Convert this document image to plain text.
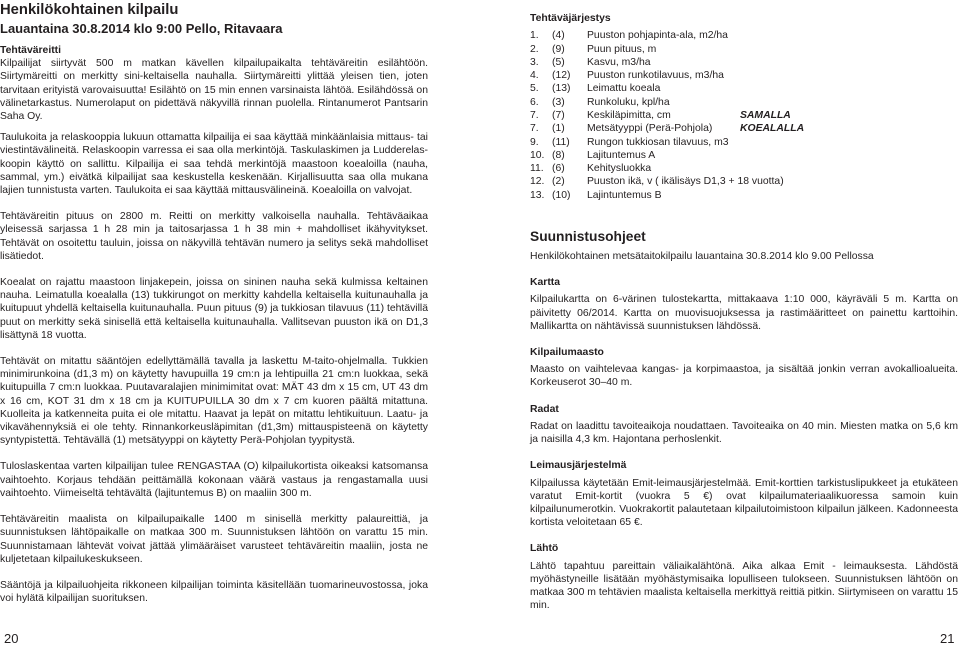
Henkilökohtainen kilpailu
Lauantaina 30.8.2014 klo 9:00 Pello, Ritavaara
Tehtäväreitti

Kilpailijat siirtyvät 500 m matkan kävellen kilpailupaikalta tehtäväreitin esilähtöön. Siirtymäreitti on merkitty sini-keltaisella nauhalla. Siirtymäreitti ylittää yleisen tien, joten tarvitaan erityistä varovaisuutta! Esilähtö on 15 min ennen varsinaista lähtöä. Esilähdössä on välinetarkastus. Numerolaput on pidettävä näkyvillä rinnan puolella. Rintanumerot Pantsarin Saha Oy.

Taulukoita ja relaskooppia lukuun ottamatta kilpailija ei saa käyttää minkäänlaisia mittaus- tai viestintävälineitä. Relaskoopin varressa ei saa olla merkintöjä. Taskulaskimen ja Ludderelas-koopin käyttö on sallittu. Kilpailija ei saa tehdä merkintöjä maastoon koealoilla (nauha, sammal, ym.) eivätkä kilpailijat saa keskustella keskenään. Kirjallisuutta saa olla mukana lajien tunnistusta varten. Taulukoita ei saa käyttää mittausvälineinä. Koealoilla on valvojat.

Tehtäväreitin pituus on 2800 m. Reitti on merkitty valkoisella nauhalla. Tehtäväaikaa yleisessä sarjassa 1 h 28 min ja taitosarjassa 1 h 38 min + mahdolliset ikähyvitykset. Tehtävät on osoitettu tauluin, joissa on näkyvillä tehtävän numero ja selitys sekä mahdolliset lisätiedot.

Koealat on rajattu maastoon linjakepein, joissa on sininen nauha sekä kulmissa keltainen nauha. Leimatulla koealalla (13) tukkirungot on merkitty kahdella keltaisella kuitunauhalla ja kuitupuut yhdellä keltaisella kuitunauhalla. Puun pituus (9) ja tukkiosan tilavuus (11) tehtävillä puut on merkitty sekä sinisellä että keltaisella kuitunauhalla. Vallitsevan puuston ikä on D1,3 lisättynä 18 vuotta.

Tehtävät on mitattu sääntöjen edellyttämällä tavalla ja laskettu M-taito-ohjelmalla. Tukkien minimirunkoina (d1,3 m) on käytetty havupuilla 19 cm:n ja lehtipuilla 21 cm:n luokkaa, sekä kuitupuilla 7 cm:n luokkaa. Puutavaralajien minimimitat ovat: MÄT 43 dm x 15 cm, UT 43 dm x 16 cm, KOT 31 dm x 18 cm ja KUITUPUILLA 30 dm x 7 cm kuoren päältä mitattuna. Kuolleita ja katkenneita puita ei ole mitattu. Haavat ja lepät on mitattu lehtikuituun. Laatu- ja vikavähennyksiä ei ole tehty. Rinnankorkeusläpimitan (d1,3m) mittauspisteenä on käytetty syntypistettä. Tehtävällä (1) metsätyyppi on käytetty Perä-Pohjolan tyypitystä.

Tuloslaskentaa varten kilpailijan tulee RENGASTAA (O) kilpailukortista oikeaksi katsomansa vaihtoehto. Korjaus tehdään peittämällä kokonaan väärä vastaus ja rengastamalla uusi vaihtoehto. Viimeiseltä tehtävältä (lajituntemus B) on maaliin 300 m.

Tehtäväreitin maalista on kilpailupaikalle 1400 m sinisellä merkitty palaureittiä, ja suunnistuksen lähtöpaikalle on matkaa 300 m. Suunnistuksen lähtöön on varattu 15 min. Suunnistamaan lähtevät voivat jättää ylimääräiset varusteet tehtäväreitin maaliin, josta ne kuljetetaan kilpailukeskukseen.

Sääntöjä ja kilpailuohjeita rikkoneen kilpailijan toiminta käsitellään tuomarineuvostossa, joka voi hylätä kilpailijan suorituksen.

20
Tehtäväjärjestys
1. (4) Puuston pohjapinta-ala, m2/ha
2. (9) Puun pituus, m
3. (5) Kasvu, m3/ha
4. (12) Puuston runkotilavuus, m3/ha
5. (13) Leimattu koeala
6. (3) Runkoluku, kpl/ha
7. (7) Keskiläpimitta, cm	SAMALLA
7. (1) Metsätyyppi (Perä-Pohjola)	KOEALALLA
9. (11) Rungon tukkiosan tilavuus, m3
10. (8) Lajituntemus A
11. (6) Kehitysluokka
12. (2) Puuston ikä, v ( ikälisäys D1,3 + 18 vuotta)
13. (10) Lajintuntemus B
Suunnistusohjeet

Henkilökohtainen metsätaitokilpailu lauantaina 30.8.2014 klo 9.00 Pellossa

Kartta

Kilpailukartta on 6-värinen tulostekartta, mittakaava 1:10 000, käyräväli 5 m. Kartta on päivitetty 06/2014. Kartta on muovisuojuksessa ja rastimääritteet on painettu karttoihin. Mallikartta on nähtävissä suunnistuksen lähdössä.

Kilpailumaasto

Maasto on vaihtelevaa kangas- ja korpimaastoa, ja sisältää jonkin verran avokallioalueita. Korkeuserot 30–40 m.

Radat

Radat on laadittu tavoiteaikoja noudattaen. Tavoiteaika on 40 min. Miesten matka on 5,6 km ja naisilla 4,3 km. Hajontana perhoslenkit.

Leimausjärjestelmä

Kilpailussa käytetään Emit-leimausjärjestelmää. Emit-korttien tarkistuslipukkeet ja etukäteen varatut Emit-kortit (vuokra 5 €) ovat kilpailumateriaalikuoressa samoin kuin kilpailunumerotkin. Vuokrakortit palautetaan kilpailutoimistoon kilpailun jälkeen. Kadonneesta kortista veloitetaan 65 €.

Lähtö

Lähtö tapahtuu pareittain väliaikalähtönä. Aika alkaa Emit - leimauksesta. Lähdöstä myöhästyneille lisätään myöhästymisaika lopulliseen tulokseen. Suunnistuksen lähtöön on matkaa 300 m tehtävien maalista keltaisella merkittyä reittiä pitkin. Siirtymiseen on varattu 15 min.

21
